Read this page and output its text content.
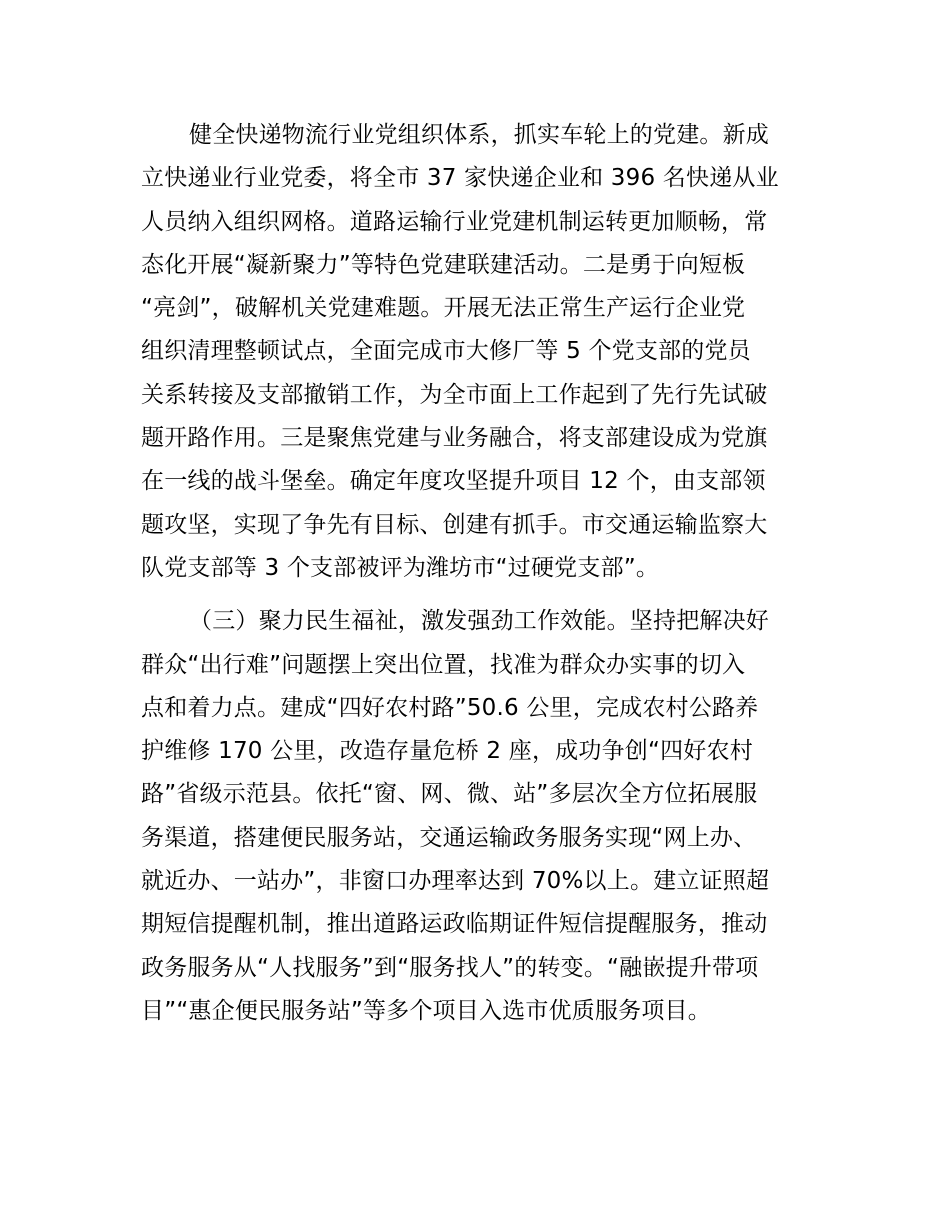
健全快递物流行业党组织体系，抓实车轮上的党建。新成
立快递业行业党委，将全市 37 家快递企业和 396 名快递从业
人员纳入组织网格。道路运输行业党建机制运转更加顺畅，常
态化开展“凝新聚力”等特色党建联建活动。二是勇于向短板
“亮剑”，破解机关党建难题。开展无法正常生产运行企业党
组织清理整顿试点，全面完成市大修厂等 5 个党支部的党员
关系转接及支部撤销工作，为全市面上工作起到了先行先试破
题开路作用。三是聚焦党建与业务融合，将支部建设成为党旗
在一线的战斗堡垒。确定年度攻坚提升项目 12 个，由支部领
题攻坚，实现了争先有目标、创建有抓手。市交通运输监察大
队党支部等 3 个支部被评为潍坊市“过硬党支部”。
（三）聚力民生福祉，激发强劲工作效能。坚持把解决好
群众“出行难”问题摆上突出位置，找准为群众办实事的切入
点和着力点。建成“四好农村路”50.6 公里，完成农村公路养
护维修 170 公里，改造存量危桥 2 座，成功争创“四好农村
路”省级示范县。依托“窗、网、微、站”多层次全方位拓展服
务渠道，搭建便民服务站，交通运输政务服务实现“网上办、
就近办、一站办”，非窗口办理率达到 70%以上。建立证照超
期短信提醒机制，推出道路运政临期证件短信提醒服务，推动
政务服务从“人找服务”到“服务找人”的转变。“融嵌提升带项
目”“惠企便民服务站”等多个项目入选市优质服务项目。
